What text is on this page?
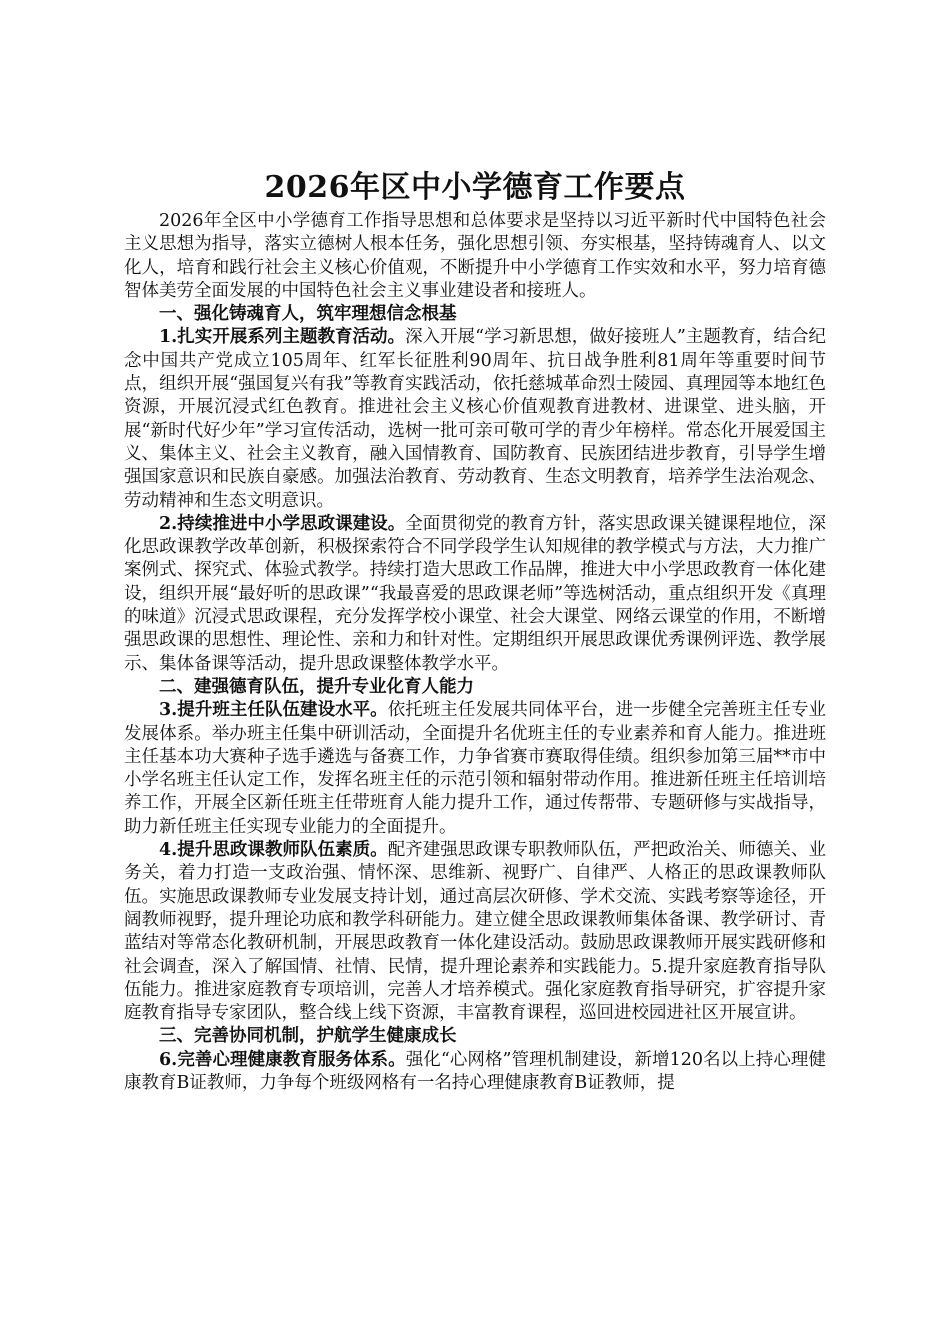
2026年区中小学德育工作要点

2026年全区中小学德育工作指导思想和总体要求是坚持以习近平新时代中国特色社会主义思想为指导，落实立德树人根本任务，强化思想引领、夯实根基，坚持铸魂育人、以文化人，培育和践行社会主义核心价值观，不断提升中小学德育工作实效和水平，努力培育德智体美劳全面发展的中国特色社会主义事业建设者和接班人。

一、强化铸魂育人，筑牢理想信念根基

1.扎实开展系列主题教育活动。深入开展“学习新思想，做好接班人”主题教育，结合纪念中国共产党成立105周年、红军长征胜利90周年、抗日战争胜利81周年等重要时间节点，组织开展“强国复兴有我”等教育实践活动，依托慈城革命烈士陵园、真理园等本地红色资源，开展沉浸式红色教育。推进社会主义核心价值观教育进教材、进课堂、进头脑，开展“新时代好少年”学习宣传活动，选树一批可亲可敬可学的青少年榜样。常态化开展爱国主义、集体主义、社会主义教育，融入国情教育、国防教育、民族团结进步教育，引导学生增强国家意识和民族自豪感。加强法治教育、劳动教育、生态文明教育，培养学生法治观念、劳动精神和生态文明意识。

2.持续推进中小学思政课建设。全面贯彻党的教育方针，落实思政课关键课程地位，深化思政课教学改革创新，积极探索符合不同学段学生认知规律的教学模式与方法，大力推广案例式、探究式、体验式教学。持续打造大思政工作品牌，推进大中小学思政教育一体化建设，组织开展“最好听的思政课”“我最喜爱的思政课老师”等选树活动，重点组织开发《真理的味道》沉浸式思政课程，充分发挥学校小课堂、社会大课堂、网络云课堂的作用，不断增强思政课的思想性、理论性、亲和力和针对性。定期组织开展思政课优秀课例评选、教学展示、集体备课等活动，提升思政课整体教学水平。

二、建强德育队伍，提升专业化育人能力

3.提升班主任队伍建设水平。依托班主任发展共同体平台，进一步健全完善班主任专业发展体系。举办班主任集中研训活动，全面提升名优班主任的专业素养和育人能力。推进班主任基本功大赛种子选手遴选与备赛工作，力争省赛市赛取得佳绩。组织参加第三届**市中小学名班主任认定工作，发挥名班主任的示范引领和辐射带动作用。推进新任班主任培训培养工作，开展全区新任班主任带班育人能力提升工作，通过传帮带、专题研修与实战指导，助力新任班主任实现专业能力的全面提升。

4.提升思政课教师队伍素质。配齐建强思政课专职教师队伍，严把政治关、师德关、业务关，着力打造一支政治强、情怀深、思维新、视野广、自律严、人格正的思政课教师队伍。实施思政课教师专业发展支持计划，通过高层次研修、学术交流、实践考察等途径，开阔教师视野，提升理论功底和教学科研能力。建立健全思政课教师集体备课、教学研讨、青蓝结对等常态化教研机制，开展思政教育一体化建设活动。鼓励思政课教师开展实践研修和社会调查，深入了解国情、社情、民情，提升理论素养和实践能力。5.提升家庭教育指导队伍能力。推进家庭教育专项培训，完善人才培养模式。强化家庭教育指导研究，扩容提升家庭教育指导专家团队，整合线上线下资源，丰富教育课程，巡回进校园进社区开展宣讲。

三、完善协同机制，护航学生健康成长

6.完善心理健康教育服务体系。强化“心网格”管理机制建设，新增120名以上持心理健康教育B证教师，力争每个班级网格有一名持心理健康教育B证教师，提
